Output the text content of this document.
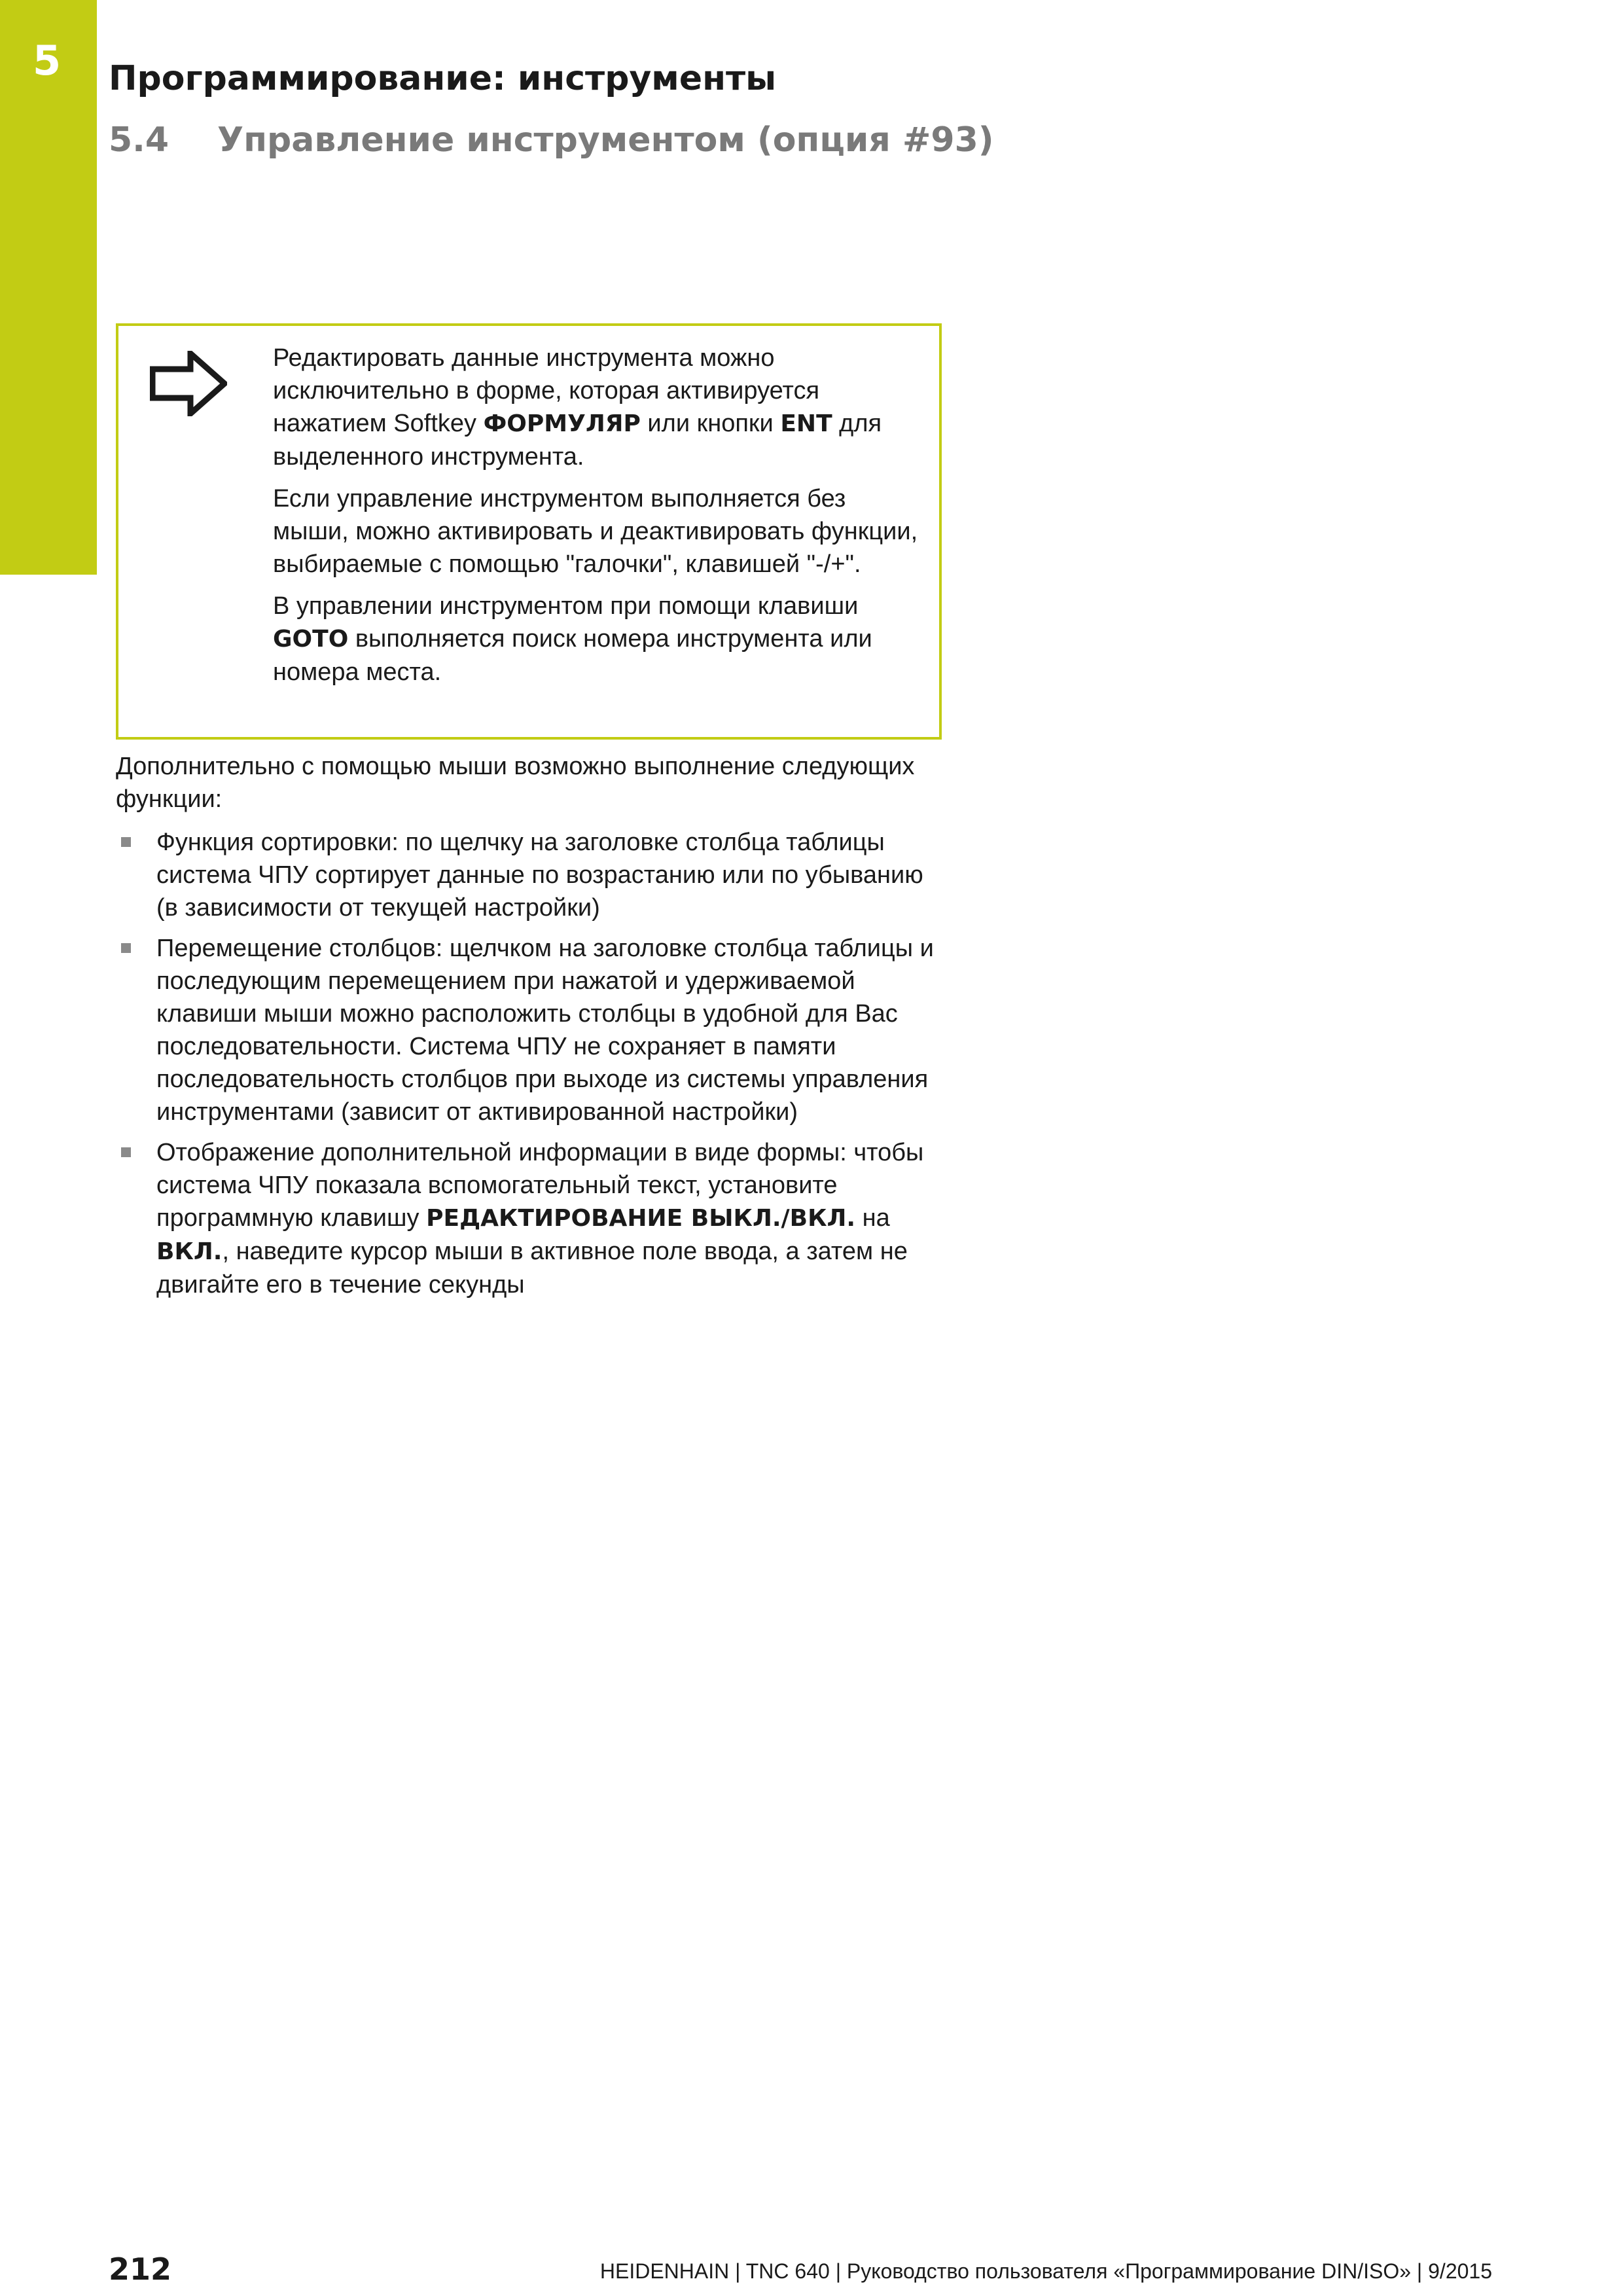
5 Программирование: инструменты
5.4 Управление инструментом (опция #93)

Редактировать данные инструмента можно исключительно в форме, которая активируется нажатием Softkey ФОРМУЛЯР или кнопки ENT для выделенного инструмента.

Если управление инструментом выполняется без мыши, можно активировать и деактивировать функции, выбираемые с помощью "галочки", клавишей "-/+".

В управлении инструментом при помощи клавиши GOTO выполняется поиск номера инструмента или номера места.

Дополнительно с помощью мыши возможно выполнение следующих функции:

Функция сортировки: по щелчку на заголовке столбца таблицы система ЧПУ сортирует данные по возрастанию или по убыванию (в зависимости от текущей настройки)
Перемещение столбцов: щелчком на заголовке столбца таблицы и последующим перемещением при нажатой и удерживаемой клавиши мыши можно расположить столбцы в удобной для Вас последовательности. Система ЧПУ не сохраняет в памяти последовательность столбцов при выходе из системы управления инструментами (зависит от активированной настройки)
Отображение дополнительной информации в виде формы: чтобы система ЧПУ показала вспомогательный текст, установите программную клавишу РЕДАКТИРОВАНИЕ ВЫКЛ./ВКЛ. на ВКЛ., наведите курсор мыши в активное поле ввода, а затем не двигайте его в течение секунды
212	HEIDENHAIN | TNC 640 | Руководство пользователя «Программирование DIN/ISO» | 9/2015
